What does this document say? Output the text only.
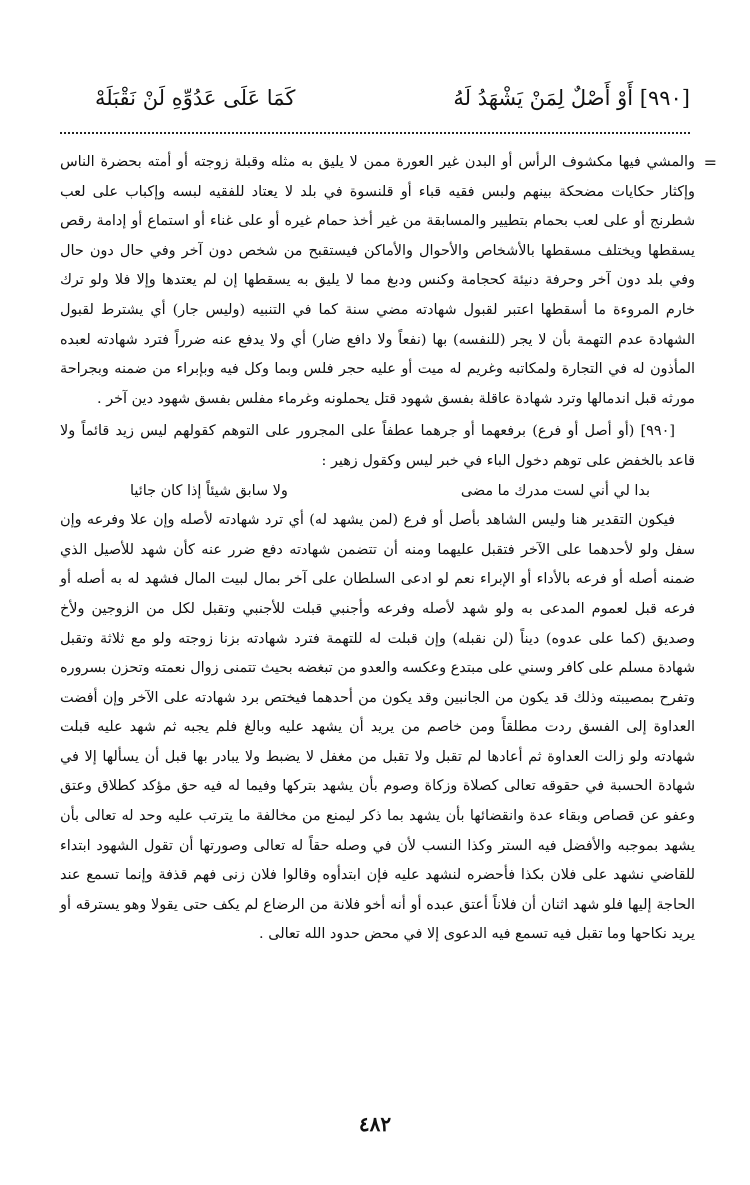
[٩٩٠] أَوْ أَصْلٌ لِمَنْ يَشْهَدُ لَهُ
كَمَا عَلَى عَدُوِّهِ لَنْ نَقْبَلَهْ
=

والمشي فيها مكشوف الرأس أو البدن غير العورة ممن لا يليق به مثله وقبلة زوجته أو أمته بحضرة الناس وإكثار حكايات مضحكة بينهم ولبس فقيه قباء أو قلنسوة في بلد لا يعتاد للفقيه لبسه وإكباب على لعب شطرنج أو على لعب بحمام بتطيير والمسابقة من غير أخذ حمام غيره أو على غناء أو استماع أو إدامة رقص يسقطها ويختلف مسقطها بالأشخاص والأحوال والأماكن فيستقبح من شخص دون آخر وفي حال دون حال وفي بلد دون آخر وحرفة دنيئة كحجامة وكنس ودبغ مما لا يليق به يسقطها إن لم يعتدها وإلا فلا ولو ترك خارم المروءة ما أسقطها اعتبر لقبول شهادته مضي سنة كما في التنبيه (وليس جار) أي يشترط لقبول الشهادة عدم التهمة بأن لا يجر (للنفسه) بها (نفعاً ولا دافع ضار) أي ولا يدفع عنه ضرراً فترد شهادته لعبده المأذون له في التجارة ولمكاتبه وغريم له ميت أو عليه حجر فلس وبما وكل فيه وبإبراء من ضمنه وبجراحة مورثه قبل اندمالها وترد شهادة عاقلة بفسق شهود قتل يحملونه وغرماء مفلس بفسق شهود دين آخر .

[٩٩٠] (أو أصل أو فرع) برفعهما أو جرهما عطفاً على المجرور على التوهم كقولهم ليس زيد قائماً ولا قاعد بالخفض على توهم دخول الباء في خبر ليس وكقول زهير :

بدا لي أني لست مدرك ما مضى
ولا سابق شيئاً إذا كان جائيا

فيكون التقدير هنا وليس الشاهد بأصل أو فرع (لمن يشهد له) أي ترد شهادته لأصله وإن علا وفرعه وإن سفل ولو لأحدهما على الآخر فتقبل عليهما ومنه أن تتضمن شهادته دفع ضرر عنه كأن شهد للأصيل الذي ضمنه أصله أو فرعه بالأداء أو الإبراء نعم لو ادعى السلطان على آخر بمال لبيت المال فشهد له به أصله أو فرعه قبل لعموم المدعى به ولو شهد لأصله وفرعه وأجنبي قبلت للأجنبي وتقبل لكل من الزوجين ولأخ وصديق (كما على عدوه) ديناً (لن نقبله) وإن قبلت له للتهمة فترد شهادته بزنا زوجته ولو مع ثلاثة وتقبل شهادة مسلم على كافر وسني على مبتدع وعكسه والعدو من تبغضه بحيث تتمنى زوال نعمته وتحزن بسروره وتفرح بمصيبته وذلك قد يكون من الجانبين وقد يكون من أحدهما فيختص برد شهادته على الآخر وإن أفضت العداوة إلى الفسق ردت مطلقاً ومن خاصم من يريد أن يشهد عليه وبالغ فلم يجبه ثم شهد عليه قبلت شهادته ولو زالت العداوة ثم أعادها لم تقبل ولا تقبل من مغفل لا يضبط ولا يبادر بها قبل أن يسألها إلا في شهادة الحسبة في حقوقه تعالى كصلاة وزكاة وصوم بأن يشهد بتركها وفيما له فيه حق مؤكد كطلاق وعتق وعفو عن قصاص وبقاء عدة وانقضائها بأن يشهد بما ذكر ليمنع من مخالفة ما يترتب عليه وحد له تعالى بأن يشهد بموجبه والأفضل فيه الستر وكذا النسب لأن في وصله حقاً له تعالى وصورتها أن تقول الشهود ابتداء للقاضي نشهد على فلان بكذا فأحضره لنشهد عليه فإن ابتدأوه وقالوا فلان زنى فهم قذفة وإنما تسمع عند الحاجة إليها فلو شهد اثنان أن فلاناً أعتق عبده أو أنه أخو فلانة من الرضاع لم يكف حتى يقولا وهو يسترقه أو يريد نكاحها وما تقبل فيه تسمع فيه الدعوى إلا في محض حدود الله تعالى .

٤٨٢
